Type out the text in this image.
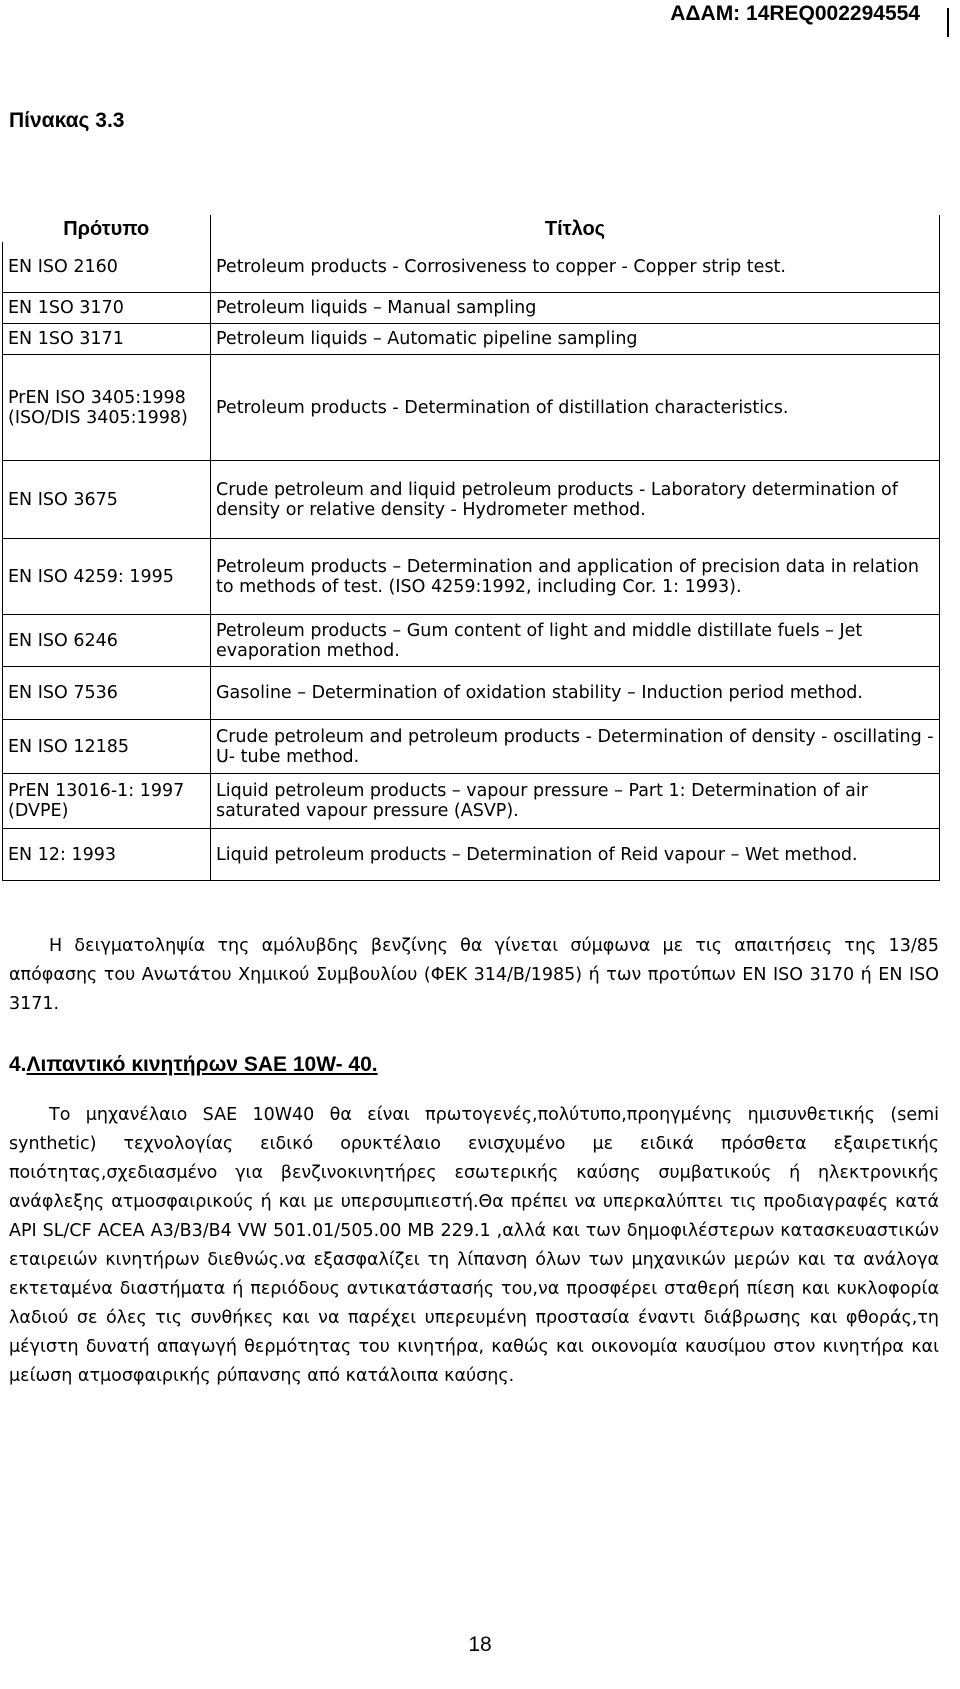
ΑΔΑΜ: 14REQ002294554
Πίνακας 3.3
Πρότυπο	Τίτλος
EN ISO 2160	Petroleum products - Corrosiveness to copper - Copper strip test.
EN 1SO 3170	Petroleum liquids – Manual sampling
EN 1SO 3171	Petroleum liquids – Automatic pipeline sampling
PrEN ISO 3405:1998 (ISO/DIS 3405:1998)	Petroleum products - Determination of distillation characteristics.
EN ISO 3675	Crude petroleum and liquid petroleum products - Laboratory determination of density or relative density - Hydrometer method.
EN ISO 4259: 1995	Petroleum products – Determination and application of precision data in relation to methods of test. (ISO 4259:1992, including Cor. 1: 1993).
EN ISO 6246	Petroleum products – Gum content of light and middle distillate fuels – Jet evaporation method.
EN ISO 7536	Gasoline – Determination of oxidation stability – Induction period method.
EN ISO 12185	Crude petroleum and petroleum products - Determination of density - oscillating - U- tube method.
PrEN 13016-1: 1997 (DVPE)	Liquid petroleum products – vapour pressure – Part 1: Determination of air saturated vapour pressure (ASVP).
EN 12: 1993	Liquid petroleum products – Determination of Reid vapour – Wet method.

Η δειγματοληψία της αμόλυβδης βενζίνης θα γίνεται σύμφωνα με τις απαιτήσεις της 13/85 απόφασης του Ανωτάτου Χημικού Συμβουλίου (ΦΕΚ 314/Β/1985) ή των προτύπων EN ISO 3170 ή EN ISO 3171.

4.Λιπαντικό κινητήρων SAE 10W- 40.

Το μηχανέλαιο SAE 10W40 θα είναι πρωτογενές,πολύτυπο,προηγμένης ημισυνθετικής (semi synthetic) τεχνολογίας ειδικό ορυκτέλαιο ενισχυμένο με ειδικά πρόσθετα εξαιρετικής ποιότητας,σχεδιασμένο για βενζινοκινητήρες εσωτερικής καύσης συμβατικούς ή ηλεκτρονικής ανάφλεξης ατμοσφαιρικούς ή και με υπερσυμπιεστή.Θα πρέπει να υπερκαλύπτει τις προδιαγραφές κατά API SL/CF ACEA A3/B3/B4 VW 501.01/505.00 MB 229.1 ,αλλά και των δημοφιλέστερων κατασκευαστικών εταιρειών κινητήρων διεθνώς.να εξασφαλίζει τη λίπανση όλων των μηχανικών μερών και τα ανάλογα εκτεταμένα διαστήματα ή περιόδους αντικατάστασής του,να προσφέρει σταθερή πίεση και κυκλοφορία λαδιού σε όλες τις συνθήκες και να παρέχει υπερευμένη προστασία έναντι διάβρωσης και φθοράς,τη μέγιστη δυνατή απαγωγή θερμότητας του κινητήρα, καθώς και οικονομία καυσίμου στον κινητήρα και μείωση ατμοσφαιρικής ρύπανσης από κατάλοιπα καύσης.

18
